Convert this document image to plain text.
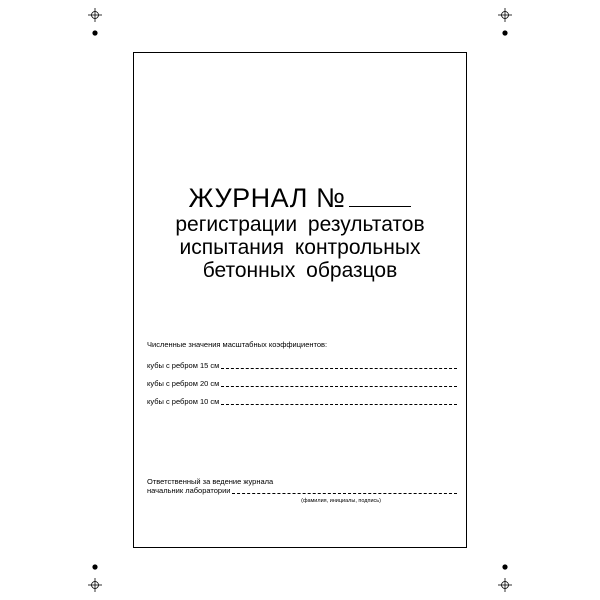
ЖУРНАЛ №
регистрации результатов
испытания контрольных
бетонных образцов
Численные значения масштабных коэффициентов:
кубы с ребром 15 см
кубы с ребром 20 см
кубы с ребром 10 см
Ответственный за ведение журнала
начальник лаборатории
(фамилия, инициалы, подпись)
